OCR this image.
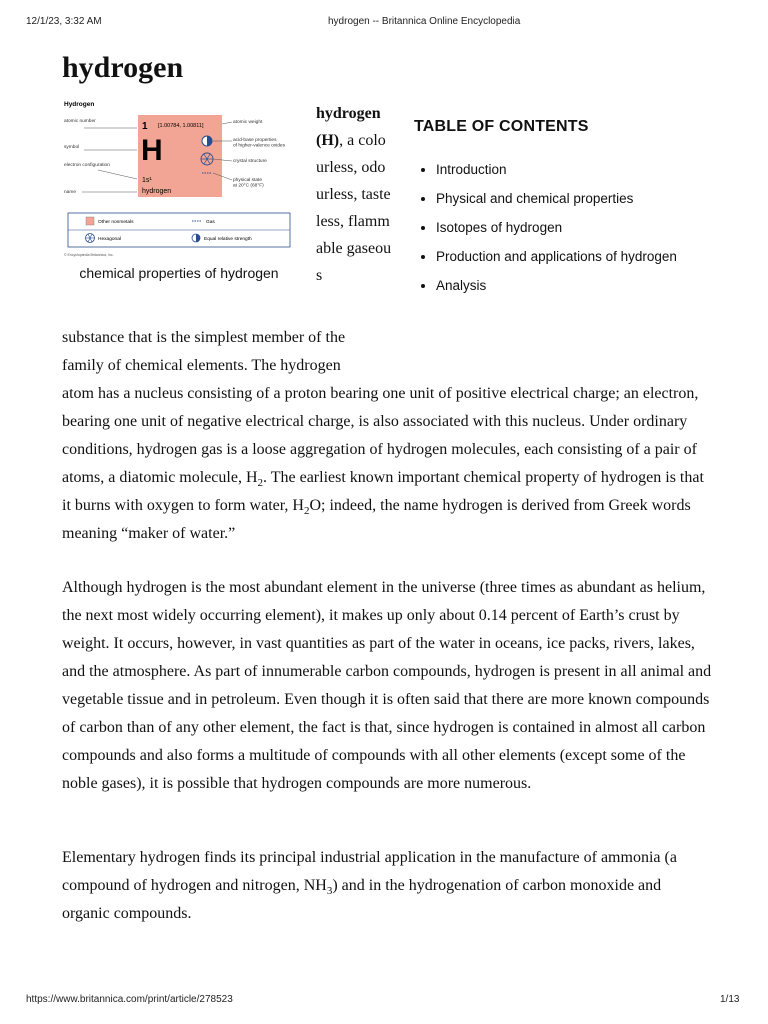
12/1/23, 3:32 AM	hydrogen -- Britannica Online Encyclopedia
hydrogen
Hydrogen
atomic number
symbol
electron configuration
name
1 [1.00784, 1.00811]
H
1s¹
hydrogen
atomic weight
acid-base properties of higher-valence oxides
crystal structure
physical state at 20°C (68°F)
Other nonmetals	Gas
Hexagonal	Equal relative strength
© Encyclopædia Britannica, Inc.
chemical properties of hydrogen

hydrogen (H), a colourless, odourless, tasteless, flammable gaseous

TABLE OF CONTENTS
• Introduction
• Physical and chemical properties
• Isotopes of hydrogen
• Production and applications of hydrogen
• Analysis

substance that is the simplest member of the family of chemical elements. The hydrogen

atom has a nucleus consisting of a proton bearing one unit of positive electrical charge; an electron, bearing one unit of negative electrical charge, is also associated with this nucleus. Under ordinary conditions, hydrogen gas is a loose aggregation of hydrogen molecules, each consisting of a pair of atoms, a diatomic molecule, $H_2$. The earliest known important chemical property of hydrogen is that it burns with oxygen to form water, $H_2O$; indeed, the name hydrogen is derived from Greek words meaning “maker of water.”

Although hydrogen is the most abundant element in the universe (three times as abundant as helium, the next most widely occurring element), it makes up only about 0.14 percent of Earth’s crust by weight. It occurs, however, in vast quantities as part of the water in oceans, ice packs, rivers, lakes, and the atmosphere. As part of innumerable carbon compounds, hydrogen is present in all animal and vegetable tissue and in petroleum. Even though it is often said that there are more known compounds of carbon than of any other element, the fact is that, since hydrogen is contained in almost all carbon compounds and also forms a multitude of compounds with all other elements (except some of the noble gases), it is possible that hydrogen compounds are more numerous.

Elementary hydrogen finds its principal industrial application in the manufacture of ammonia (a compound of hydrogen and nitrogen, $NH_3$) and in the hydrogenation of carbon monoxide and organic compounds.

https://www.britannica.com/print/article/278523	1/13
